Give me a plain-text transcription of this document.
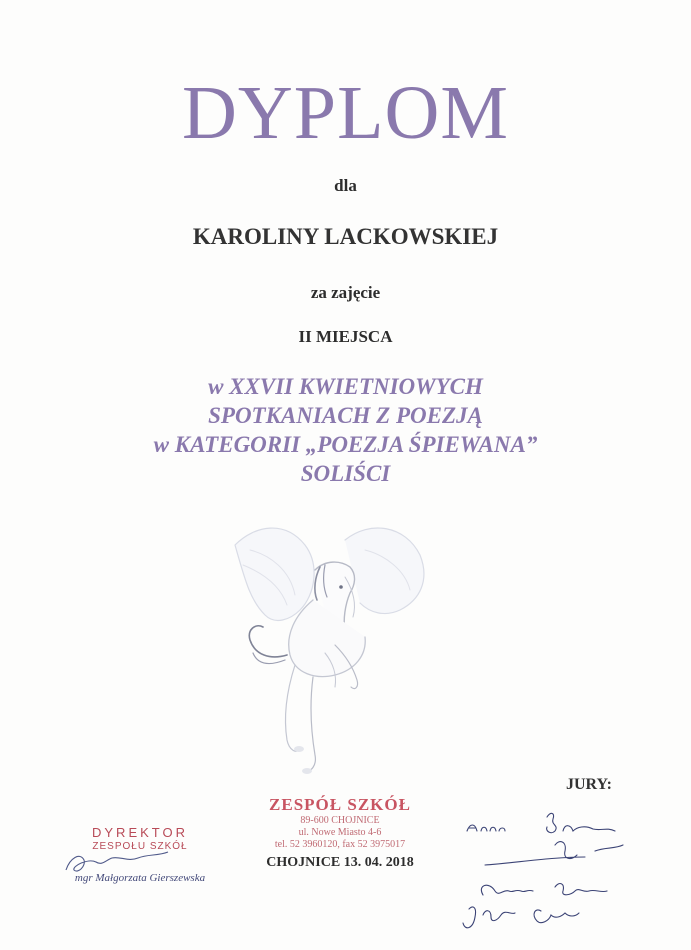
DYPLOM
dla
KAROLINY LACKOWSKIEJ
za zajęcie
II MIEJSCA
w XXVII KWIETNIOWYCH
SPOTKANIACH Z POEZJĄ
w KATEGORII „POEZJA ŚPIEWANA”
SOLIŚCI
JURY:
DYREKTOR
ZESPOŁU SZKÓŁ
mgr Małgorzata Gierszewska
ZESPÓŁ SZKÓŁ
89-600 CHOJNICE
ul. Nowe Miasto 4-6
tel. 52 3960120, fax 52 3975017
CHOJNICE 13. 04. 2018
